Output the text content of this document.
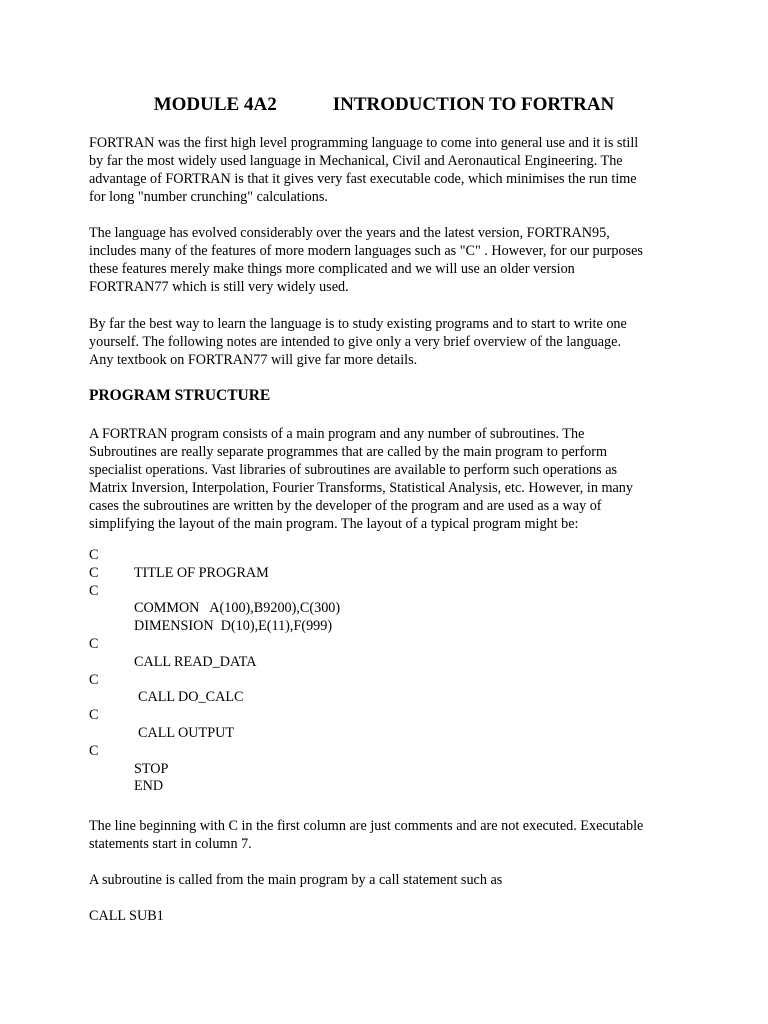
MODULE 4A2	INTRODUCTION TO FORTRAN

FORTRAN was the first high level programming language to come into general use and it is still
by far the most widely used language in Mechanical, Civil and Aeronautical Engineering. The
advantage of FORTRAN is that it gives very fast executable code, which minimises the run time
for long "number crunching" calculations.

The language has evolved considerably over the years and the latest version, FORTRAN95,
includes many of the features of more modern languages such as "C" . However, for our purposes
these features merely make things more complicated and we will use an older version
FORTRAN77 which is still very widely used.

By far the best way to learn the language is to study existing programs and to start to write one
yourself. The following notes are intended to give only a very brief overview of the language.
Any textbook on FORTRAN77 will give far more details.

PROGRAM STRUCTURE

A FORTRAN program consists of a main program and any number of subroutines. The
Subroutines are really separate programmes that are called by the main program to perform
specialist operations. Vast libraries of subroutines are available to perform such operations as
Matrix Inversion, Interpolation, Fourier Transforms, Statistical Analysis, etc. However, in many
cases the subroutines are written by the developer of the program and are used as a way of
simplifying the layout of the main program. The layout of a typical program might be:

C
C	TITLE OF PROGRAM
C
COMMON   A(100),B9200),C(300)
DIMENSION  D(10),E(11),F(999)
C
CALL READ_DATA
C
CALL DO_CALC
C
CALL OUTPUT
C
STOP
END

The line beginning with C in the first column are just comments and are not executed. Executable
statements start in column 7.

A subroutine is called from the main program by a call statement such as

CALL SUB1
